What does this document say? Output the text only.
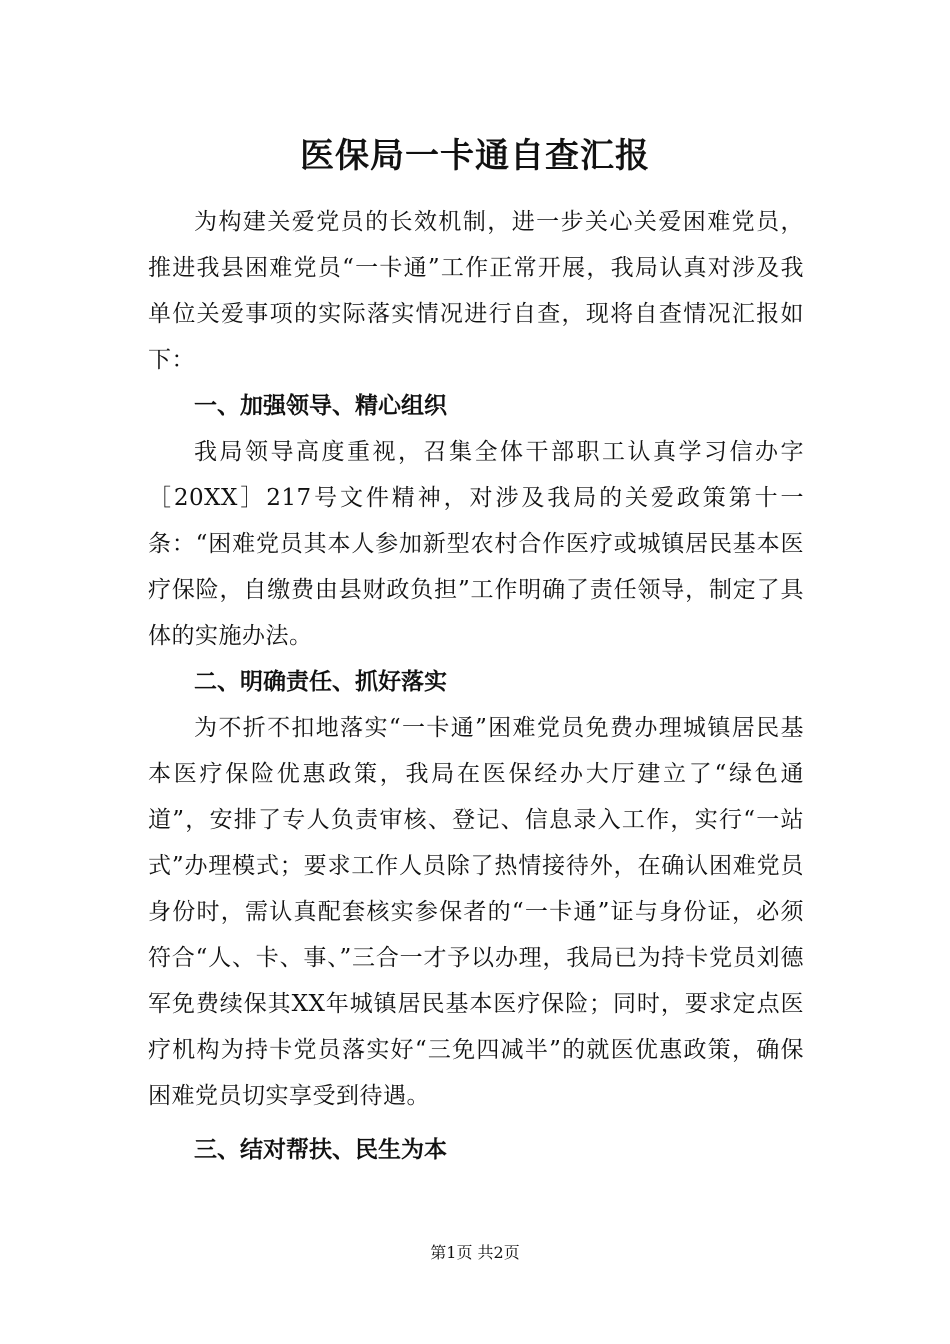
医保局一卡通自查汇报

为构建关爱党员的长效机制，进一步关心关爱困难党员，推进我县困难党员“一卡通”工作正常开展，我局认真对涉及我单位关爱事项的实际落实情况进行自查，现将自查情况汇报如下：

一、加强领导、精心组织

我局领导高度重视，召集全体干部职工认真学习信办字［20XX］217号文件精神，对涉及我局的关爱政策第十一条：“困难党员其本人参加新型农村合作医疗或城镇居民基本医疗保险，自缴费由县财政负担”工作明确了责任领导，制定了具体的实施办法。

二、明确责任、抓好落实

为不折不扣地落实“一卡通”困难党员免费办理城镇居民基本医疗保险优惠政策，我局在医保经办大厅建立了“绿色通道”，安排了专人负责审核、登记、信息录入工作，实行“一站式”办理模式；要求工作人员除了热情接待外，在确认困难党员身份时，需认真配套核实参保者的“一卡通”证与身份证，必须符合“人、卡、事、”三合一才予以办理，我局已为持卡党员刘德军免费续保其XX年城镇居民基本医疗保险；同时，要求定点医疗机构为持卡党员落实好“三免四减半”的就医优惠政策，确保困难党员切实享受到待遇。

三、结对帮扶、民生为本

第1页 共2页
